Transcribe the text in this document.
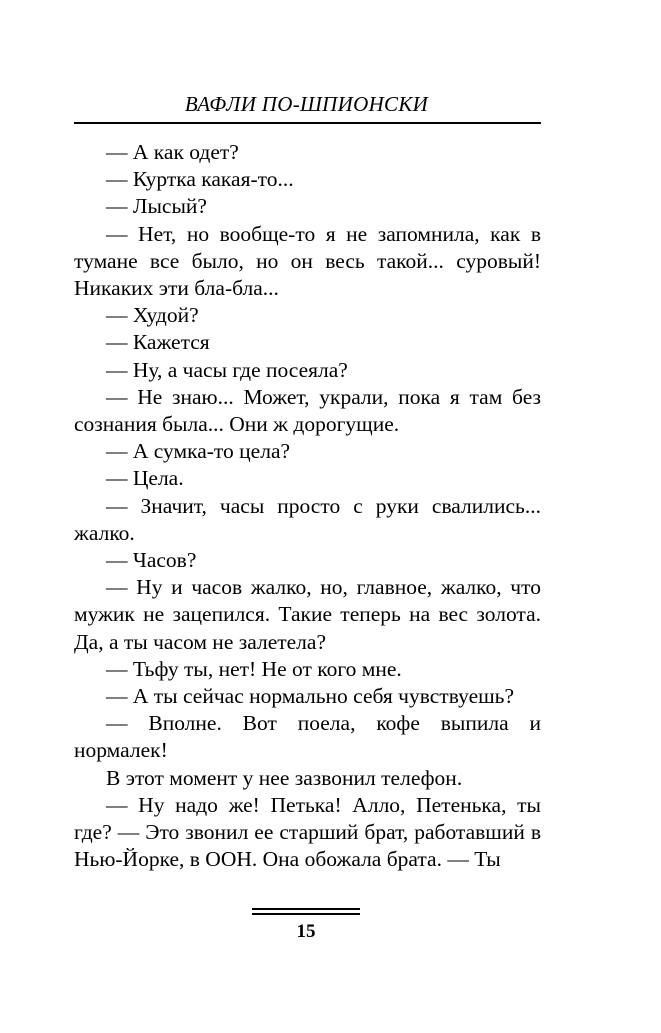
ВАФЛИ ПО-ШПИОНСКИ

— А как одет?

— Куртка какая-то...

— Лысый?

— Нет, но вообще-то я не запомнила, как в тумане все было, но он весь такой... суровый! Никаких эти бла-бла...

— Худой?

— Кажется

— Ну, а часы где посеяла?

— Не знаю... Может, украли, пока я там без сознания была... Они ж дорогущие.

— А сумка-то цела?

— Цела.

— Значит, часы просто с руки свалились... жалко.

— Часов?

— Ну и часов жалко, но, главное, жалко, что мужик не зацепился. Такие теперь на вес золота. Да, а ты часом не залетела?

— Тьфу ты, нет! Не от кого мне.

— А ты сейчас нормально себя чувствуешь?

— Вполне. Вот поела, кофе выпила и нормалек!

В этот момент у нее зазвонил телефон.

— Ну надо же! Петька! Алло, Петенька, ты где? — Это звонил ее старший брат, работавший в Нью-Йорке, в ООН. Она обожала брата. — Ты

15
